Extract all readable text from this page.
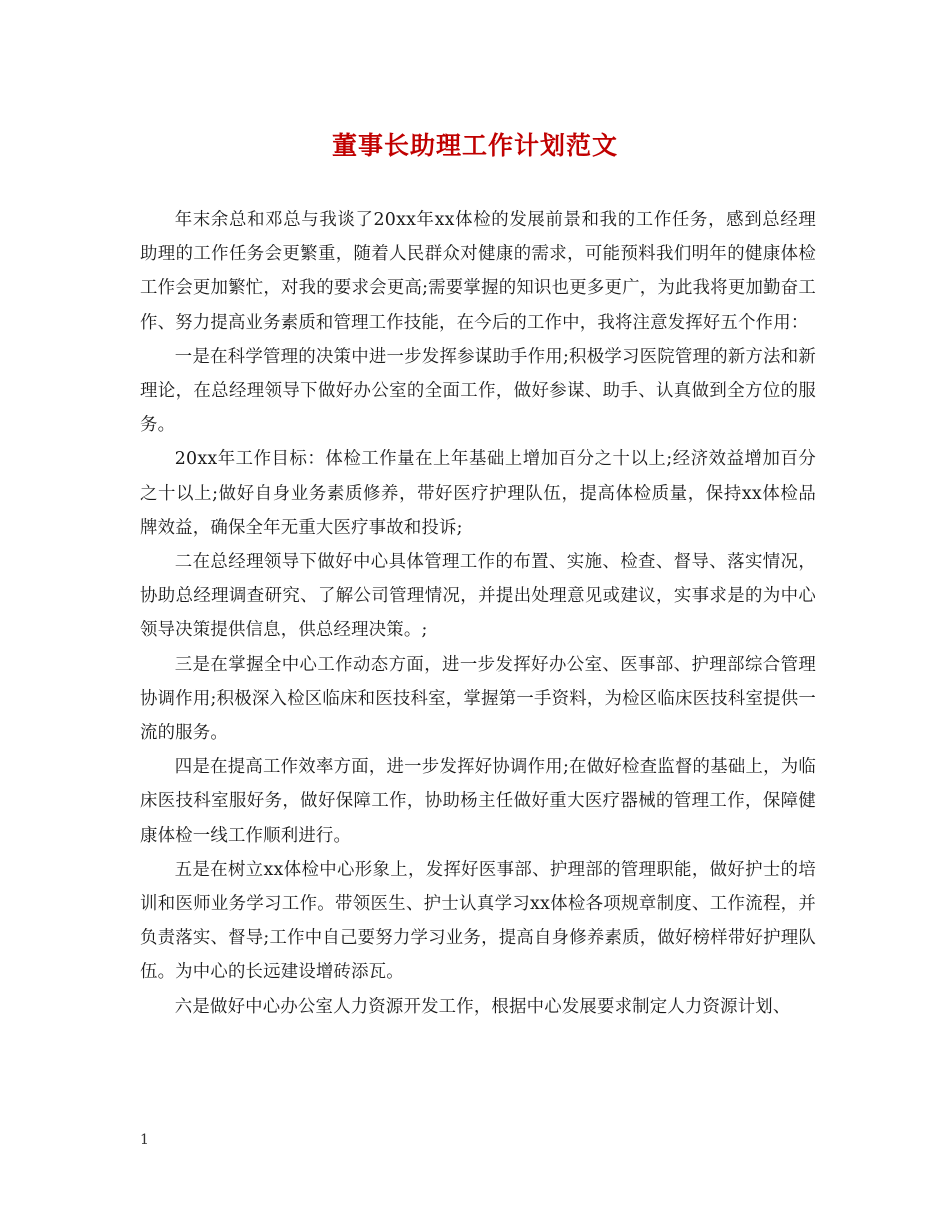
董事长助理工作计划范文

年末余总和邓总与我谈了20xx年xx体检的发展前景和我的工作任务，感到总经理助理的工作任务会更繁重，随着人民群众对健康的需求，可能预料我们明年的健康体检工作会更加繁忙，对我的要求会更高;需要掌握的知识也更多更广，为此我将更加勤奋工作、努力提高业务素质和管理工作技能，在今后的工作中，我将注意发挥好五个作用：

一是在科学管理的决策中进一步发挥参谋助手作用;积极学习医院管理的新方法和新理论，在总经理领导下做好办公室的全面工作，做好参谋、助手、认真做到全方位的服务。

20xx年工作目标：体检工作量在上年基础上增加百分之十以上;经济效益增加百分之十以上;做好自身业务素质修养，带好医疗护理队伍，提高体检质量，保持xx体检品牌效益，确保全年无重大医疗事故和投诉;

二在总经理领导下做好中心具体管理工作的布置、实施、检查、督导、落实情况，协助总经理调查研究、了解公司管理情况，并提出处理意见或建议，实事求是的为中心领导决策提供信息，供总经理决策。;

三是在掌握全中心工作动态方面，进一步发挥好办公室、医事部、护理部综合管理协调作用;积极深入检区临床和医技科室，掌握第一手资料，为检区临床医技科室提供一流的服务。

四是在提高工作效率方面，进一步发挥好协调作用;在做好检查监督的基础上，为临床医技科室服好务，做好保障工作，协助杨主任做好重大医疗器械的管理工作，保障健康体检一线工作顺利进行。

五是在树立xx体检中心形象上，发挥好医事部、护理部的管理职能，做好护士的培训和医师业务学习工作。带领医生、护士认真学习xx体检各项规章制度、工作流程，并负责落实、督导;工作中自己要努力学习业务，提高自身修养素质，做好榜样带好护理队伍。为中心的长远建设增砖添瓦。

六是做好中心办公室人力资源开发工作，根据中心发展要求制定人力资源计划、

1
